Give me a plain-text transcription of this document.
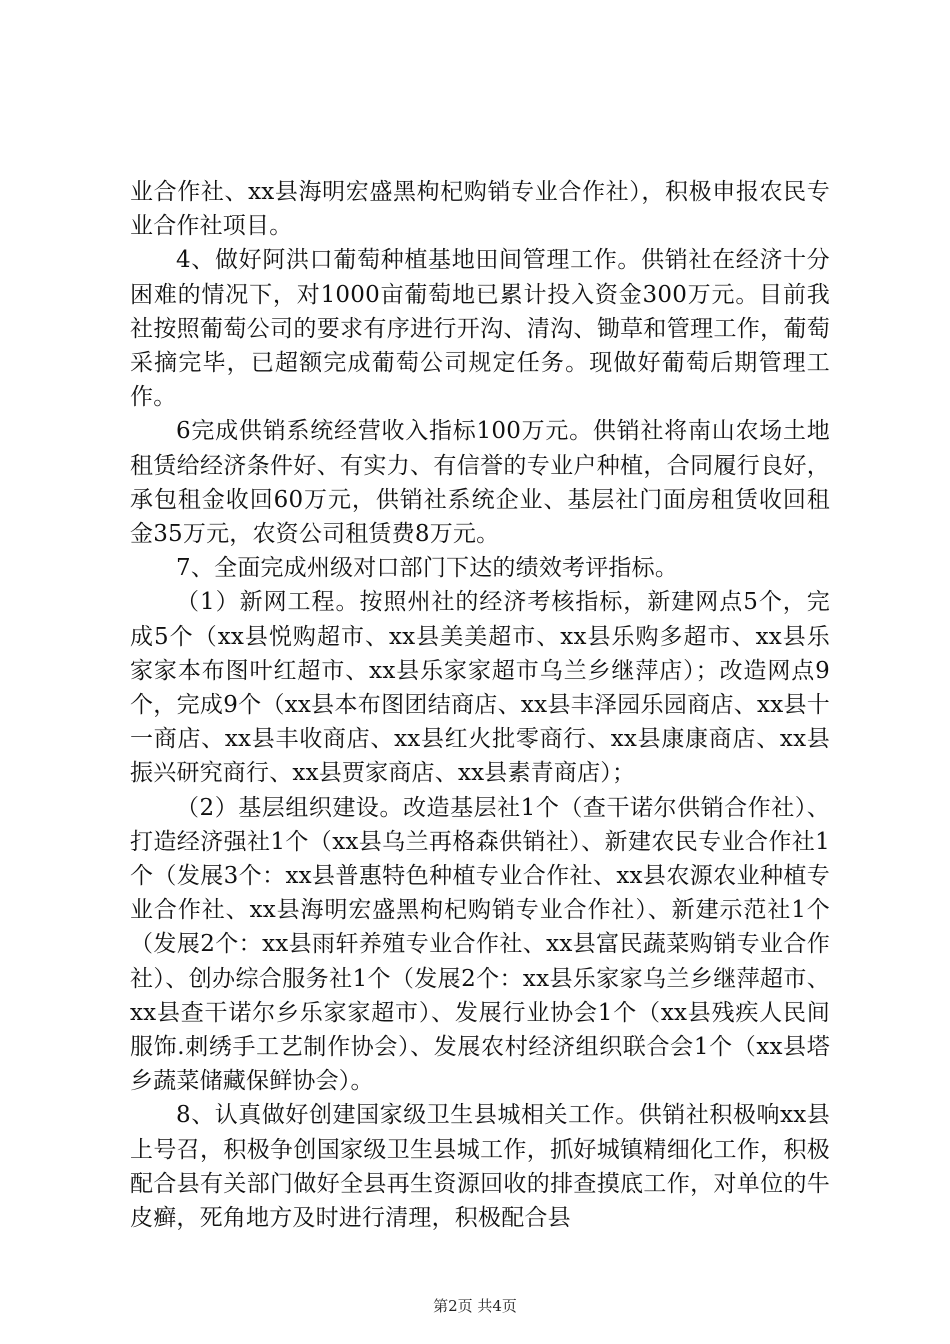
业合作社、xx县海明宏盛黑枸杞购销专业合作社），积极申报农民专业合作社项目。

4、做好阿洪口葡萄种植基地田间管理工作。供销社在经济十分困难的情况下，对1000亩葡萄地已累计投入资金300万元。目前我社按照葡萄公司的要求有序进行开沟、清沟、锄草和管理工作，葡萄采摘完毕，已超额完成葡萄公司规定任务。现做好葡萄后期管理工作。

6完成供销系统经营收入指标100万元。供销社将南山农场土地租赁给经济条件好、有实力、有信誉的专业户种植，合同履行良好，承包租金收回60万元，供销社系统企业、基层社门面房租赁收回租金35万元，农资公司租赁费8万元。

7、全面完成州级对口部门下达的绩效考评指标。

（1）新网工程。按照州社的经济考核指标，新建网点5个，完成5个（xx县悦购超市、xx县美美超市、xx县乐购多超市、xx县乐家家本布图叶红超市、xx县乐家家超市乌兰乡继萍店）；改造网点9个，完成9个（xx县本布图团结商店、xx县丰泽园乐园商店、xx县十一商店、xx县丰收商店、xx县红火批零商行、xx县康康商店、xx县振兴研究商行、xx县贾家商店、xx县素青商店）；

（2）基层组织建设。改造基层社1个（查干诺尔供销合作社）、打造经济强社1个（xx县乌兰再格森供销社）、新建农民专业合作社1个（发展3个：xx县普惠特色种植专业合作社、xx县农源农业种植专业合作社、xx县海明宏盛黑枸杞购销专业合作社）、新建示范社1个（发展2个：xx县雨轩养殖专业合作社、xx县富民蔬菜购销专业合作社）、创办综合服务社1个（发展2个：xx县乐家家乌兰乡继萍超市、xx县查干诺尔乡乐家家超市）、发展行业协会1个（xx县残疾人民间服饰.刺绣手工艺制作协会）、发展农村经济组织联合会1个（xx县塔乡蔬菜储藏保鲜协会）。

8、认真做好创建国家级卫生县城相关工作。供销社积极响xx县上号召，积极争创国家级卫生县城工作，抓好城镇精细化工作，积极配合县有关部门做好全县再生资源回收的排查摸底工作，对单位的牛皮癣，死角地方及时进行清理，积极配合县

第2页 共4页
